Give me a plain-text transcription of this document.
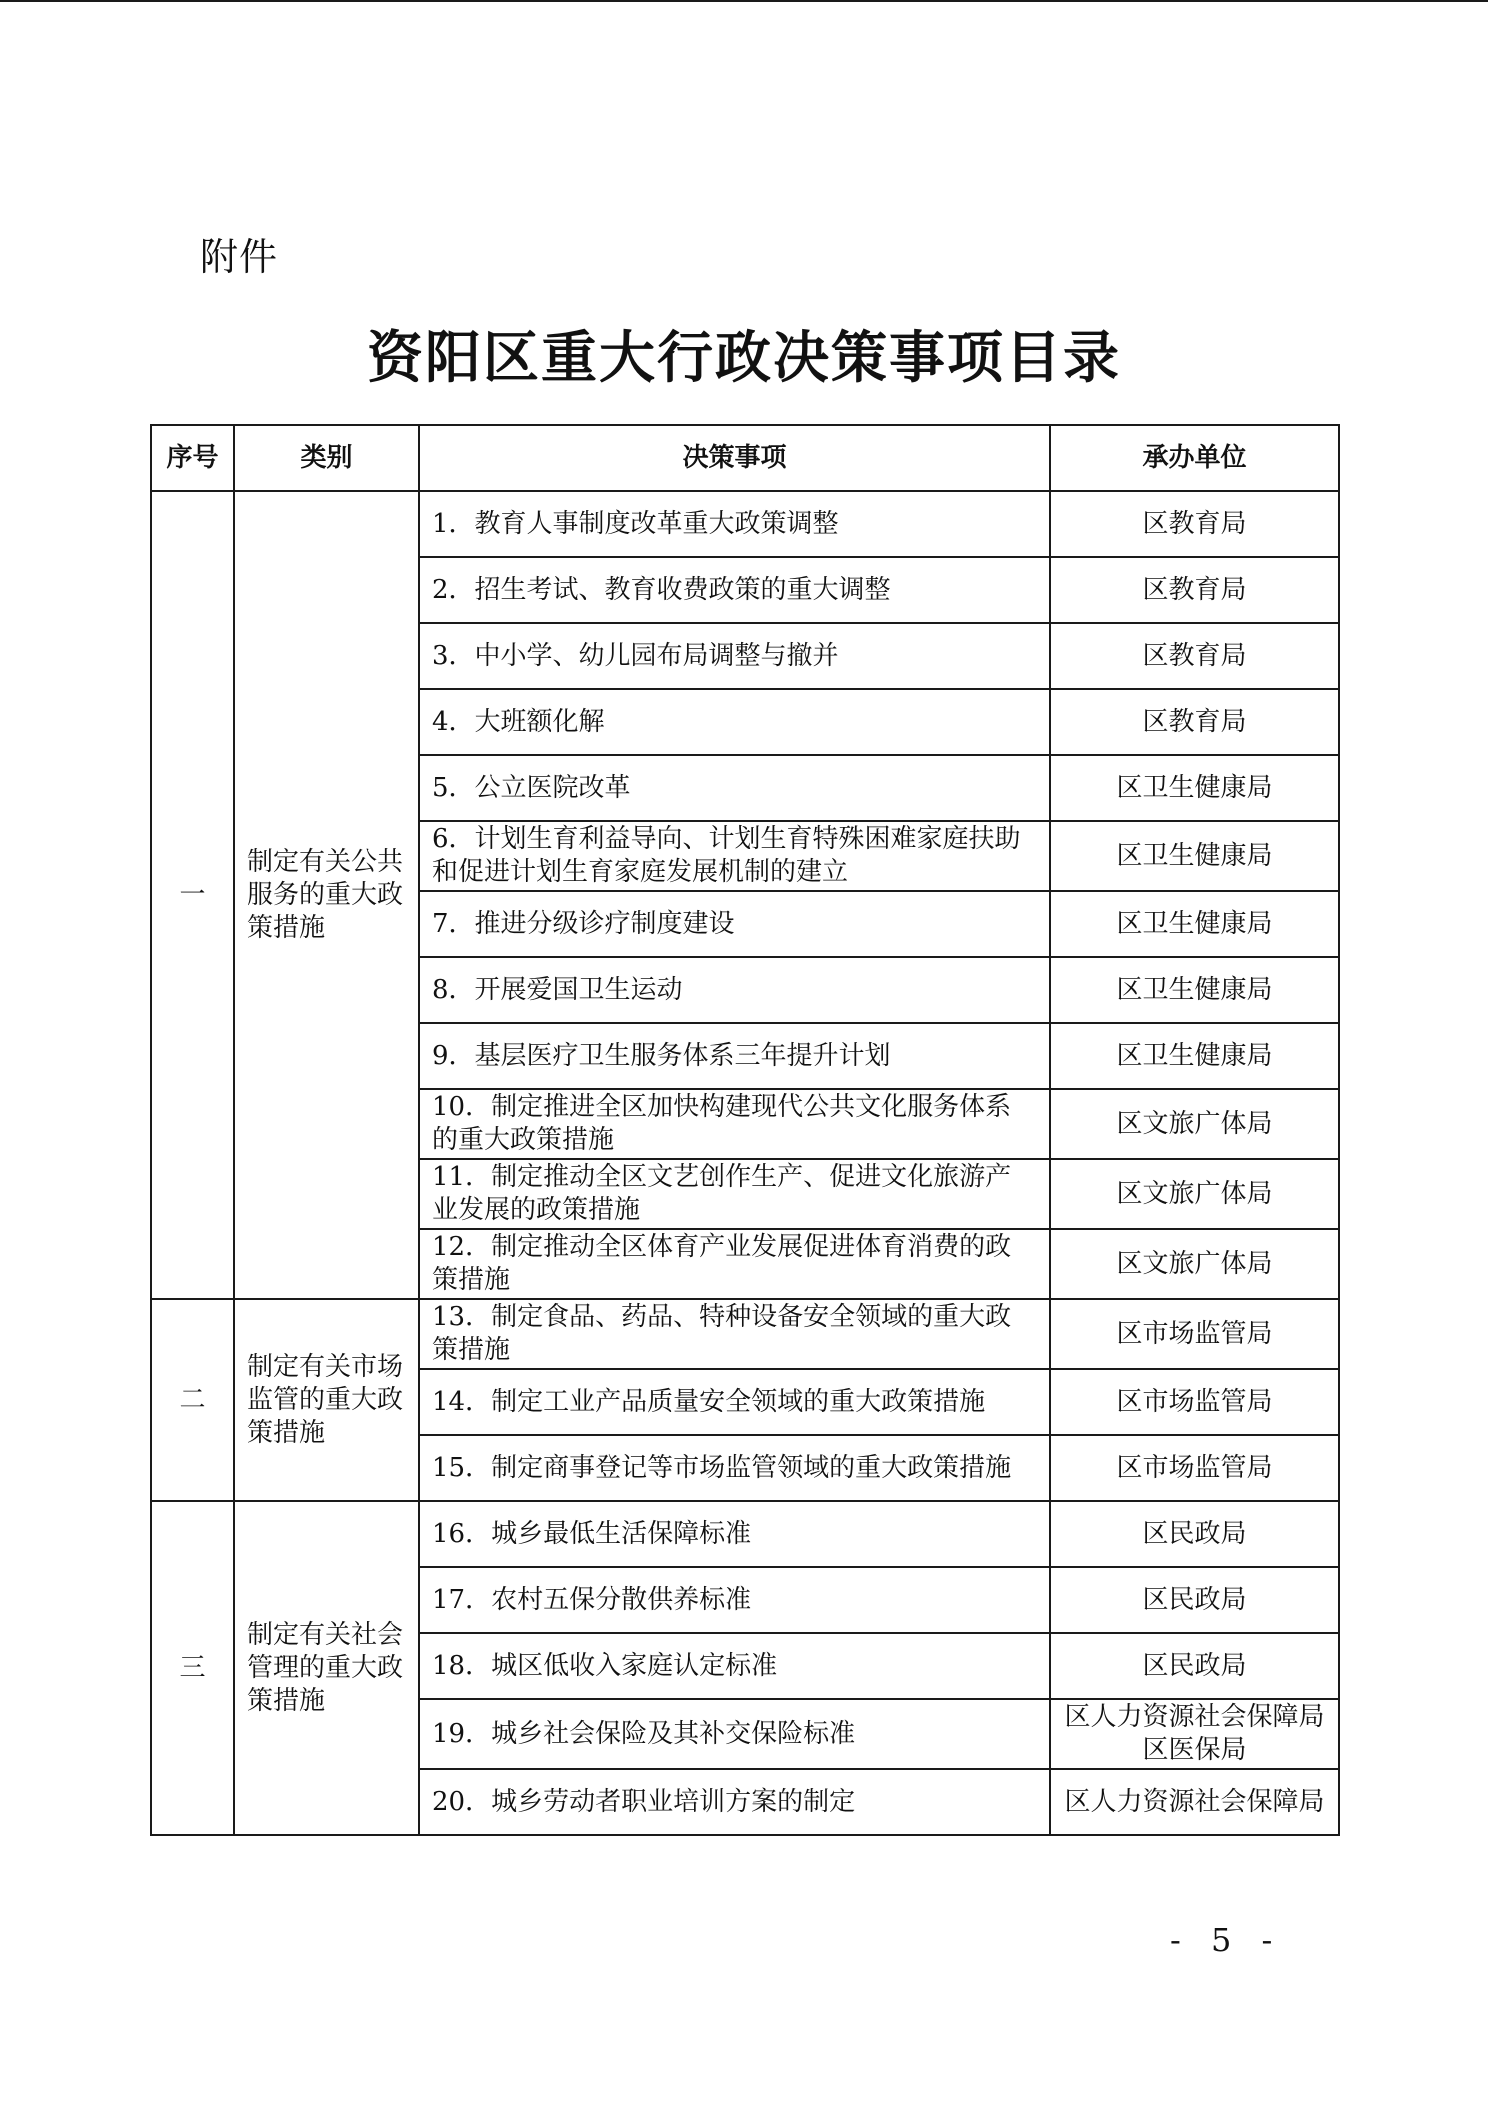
附件
资阳区重大行政决策事项目录
序号	类别	决策事项	承办单位
一	制定有关公共服务的重大政策措施	1．教育人事制度改革重大政策调整	区教育局
		2．招生考试、教育收费政策的重大调整	区教育局
		3．中小学、幼儿园布局调整与撤并	区教育局
		4．大班额化解	区教育局
		5．公立医院改革	区卫生健康局
		6．计划生育利益导向、计划生育特殊困难家庭扶助和促进计划生育家庭发展机制的建立	区卫生健康局
		7．推进分级诊疗制度建设	区卫生健康局
		8．开展爱国卫生运动	区卫生健康局
		9．基层医疗卫生服务体系三年提升计划	区卫生健康局
		10．制定推进全区加快构建现代公共文化服务体系的重大政策措施	区文旅广体局
		11．制定推动全区文艺创作生产、促进文化旅游产业发展的政策措施	区文旅广体局
		12．制定推动全区体育产业发展促进体育消费的政策措施	区文旅广体局
二	制定有关市场监管的重大政策措施	13．制定食品、药品、特种设备安全领域的重大政策措施	区市场监管局
		14．制定工业产品质量安全领域的重大政策措施	区市场监管局
		15．制定商事登记等市场监管领域的重大政策措施	区市场监管局
三	制定有关社会管理的重大政策措施	16．城乡最低生活保障标准	区民政局
		17．农村五保分散供养标准	区民政局
		18．城区低收入家庭认定标准	区民政局
		19．城乡社会保险及其补交保险标准	区人力资源社会保障局区医保局
		20．城乡劳动者职业培训方案的制定	区人力资源社会保障局
- 5 -
